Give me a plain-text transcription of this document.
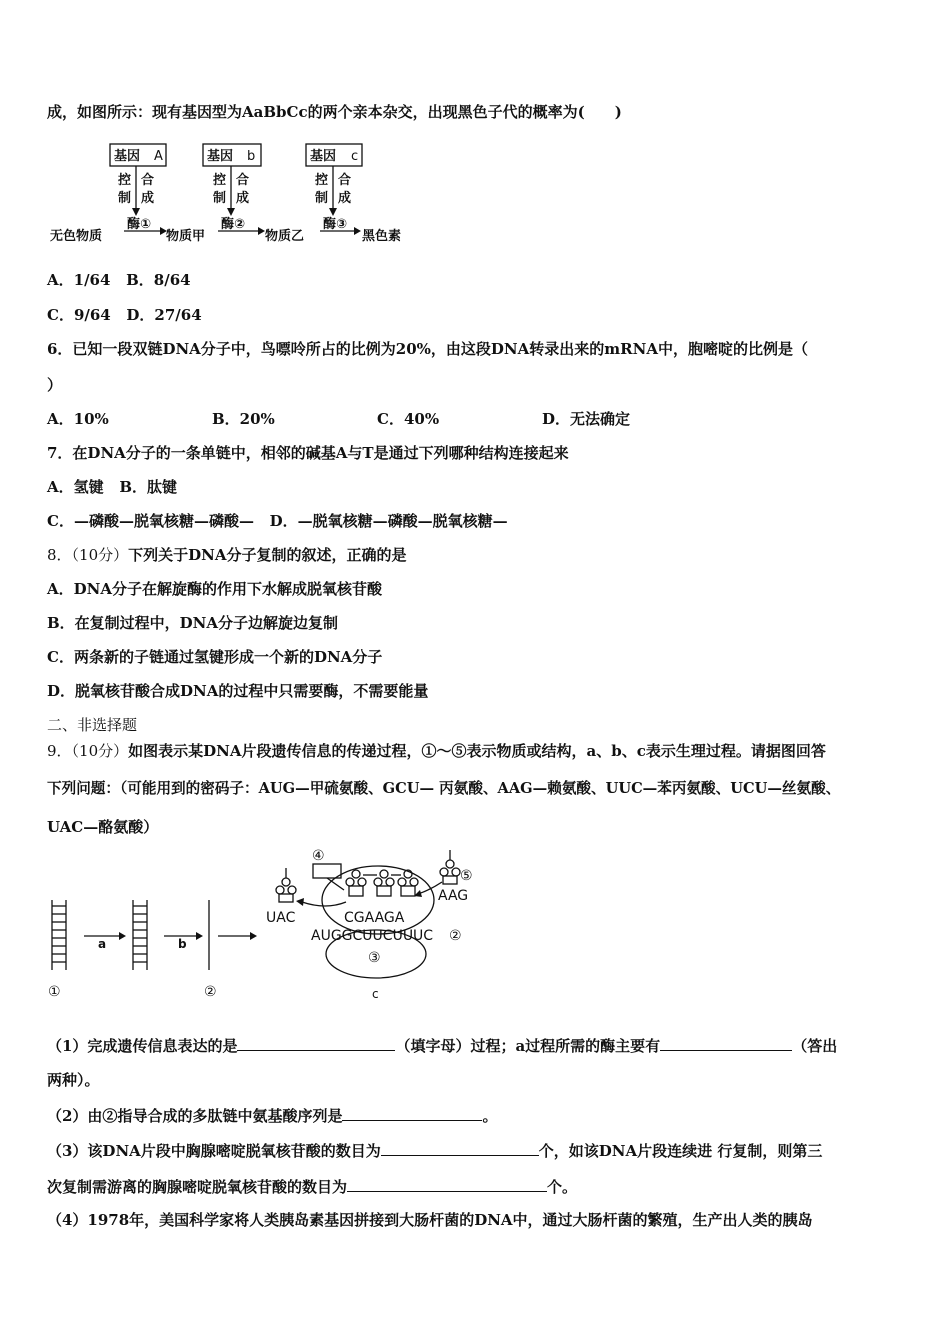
成，如图所示：现有基因型为AaBbCc的两个亲本杂交，出现黑色子代的概率为(　　)
基因 A	基因 b	基因 c
控
制
合
成
控
制
合
成
控
制
合
成
酶①	酶②	酶③
无色物质	物质甲	物质乙	黑色素
A．1/64 B．8/64
C．9/64 D．27/64
6．已知一段双链DNA分子中，鸟嘌呤所占的比例为20%，由这段DNA转录出来的mRNA中，胞嘧啶的比例是（
）
A．10%	B．20%	C．40%	D．无法确定
7．在DNA分子的一条单链中，相邻的碱基A与T是通过下列哪种结构连接起来
A．氢键 B．肽键
C．—磷酸—脱氧核糖—磷酸— D．—脱氧核糖—磷酸—脱氧核糖—
8．（10分）下列关于DNA分子复制的叙述，正确的是
A．DNA分子在解旋酶的作用下水解成脱氧核苷酸
B．在复制过程中，DNA分子边解旋边复制
C．两条新的子链通过氢键形成一个新的DNA分子
D．脱氧核苷酸合成DNA的过程中只需要酶，不需要能量
二、非选择题
9．（10分）如图表示某DNA片段遗传信息的传递过程，①～⑤表示物质或结构，a、b、c表示生理过程。请据图回答
下列问题：（可能用到的密码子：AUG—甲硫氨酸、GCU— 丙氨酸、AAG—赖氨酸、UUC—苯丙氨酸、UCU—丝氨酸、
UAC—酪氨酸）
①	②
③
④
⑤
②
a	b
c
UAC
AAG
CGAAGA
AUGGCUUCUUUC
（1）完成遗传信息表达的是	（填字母）过程；a过程所需的酶主要有	（答出
两种）。
（2）由②指导合成的多肽链中氨基酸序列是	。
（3）该DNA片段中胸腺嘧啶脱氧核苷酸的数目为	个，如该DNA片段连续进 行复制，则第三
次复制需游离的胸腺嘧啶脱氧核苷酸的数目为	个。
（4）1978年，美国科学家将人类胰岛素基因拼接到大肠杆菌的DNA中，通过大肠杆菌的繁殖，生产出人类的胰岛
